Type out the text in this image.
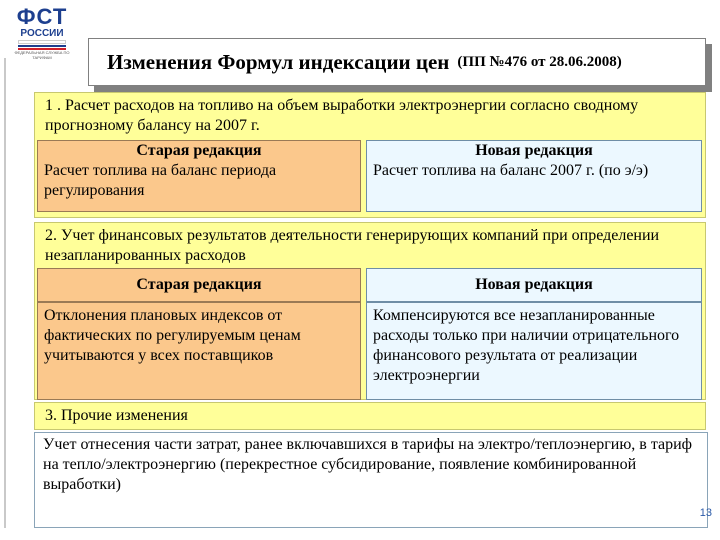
ФСТ
РОССИИ
ФЕДЕРАЛЬНАЯ СЛУЖБА ПО ТАРИФАМ	Изменения Формул индексации цен (ПП №476 от 28.06.2008)
1 . Расчет расходов на топливо на объем выработки электроэнергии согласно сводному прогнозному балансу на 2007 г.
Старая редакция
Расчет топлива на баланс периода регулирования
Новая редакция
Расчет топлива на баланс 2007 г. (по э/э)
2. Учет финансовых результатов деятельности генерирующих компаний при определении незапланированных расходов
Старая редакция	Новая редакция
Отклонения плановых индексов от фактических по регулируемым ценам учитываются у всех поставщиков
Компенсируются все незапланированные расходы только при наличии отрицательного финансового результата от реализации электроэнергии
3. Прочие изменения
Учет отнесения части затрат, ранее включавшихся в тарифы на электро/теплоэнергию, в тариф на тепло/электроэнергию (перекрестное субсидирование, появление комбинированной выработки)
13
